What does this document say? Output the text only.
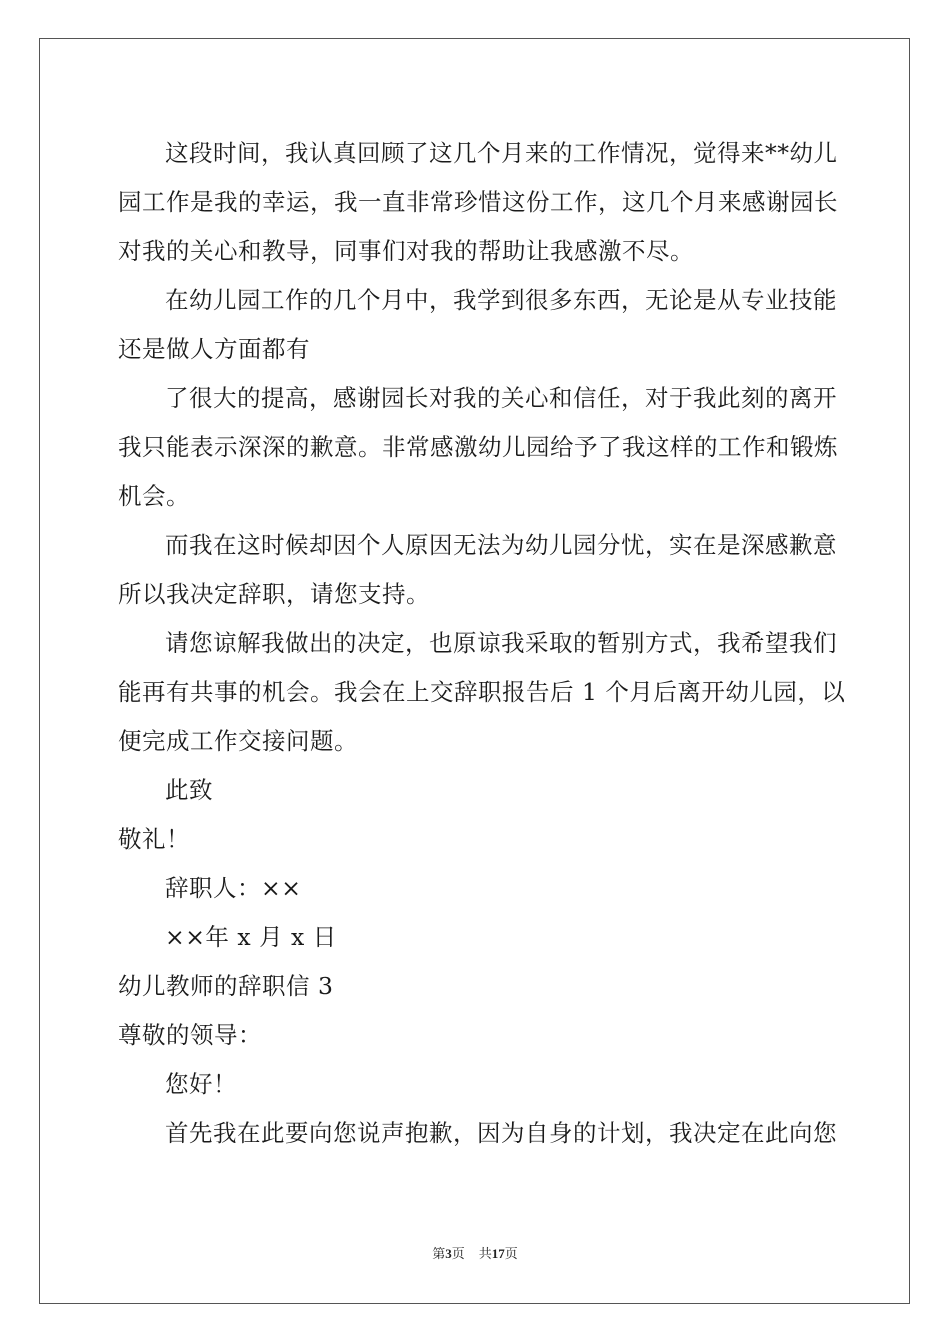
这段时间，我认真回顾了这几个月来的工作情况，觉得来**幼儿

园工作是我的幸运，我一直非常珍惜这份工作，这几个月来感谢园长

对我的关心和教导，同事们对我的帮助让我感激不尽。

在幼儿园工作的几个月中，我学到很多东西，无论是从专业技能

还是做人方面都有

了很大的提高，感谢园长对我的关心和信任，对于我此刻的离开

我只能表示深深的歉意。非常感激幼儿园给予了我这样的工作和锻炼

机会。

而我在这时候却因个人原因无法为幼儿园分忧，实在是深感歉意

所以我决定辞职，请您支持。

请您谅解我做出的决定，也原谅我采取的暂别方式，我希望我们

能再有共事的机会。我会在上交辞职报告后 1 个月后离开幼儿园，以

便完成工作交接问题。

此致

敬礼！

辞职人：××

××年 x 月 x 日

幼儿教师的辞职信 3

尊敬的领导：

您好！

首先我在此要向您说声抱歉，因为自身的计划，我决定在此向您

第3页 共17页
